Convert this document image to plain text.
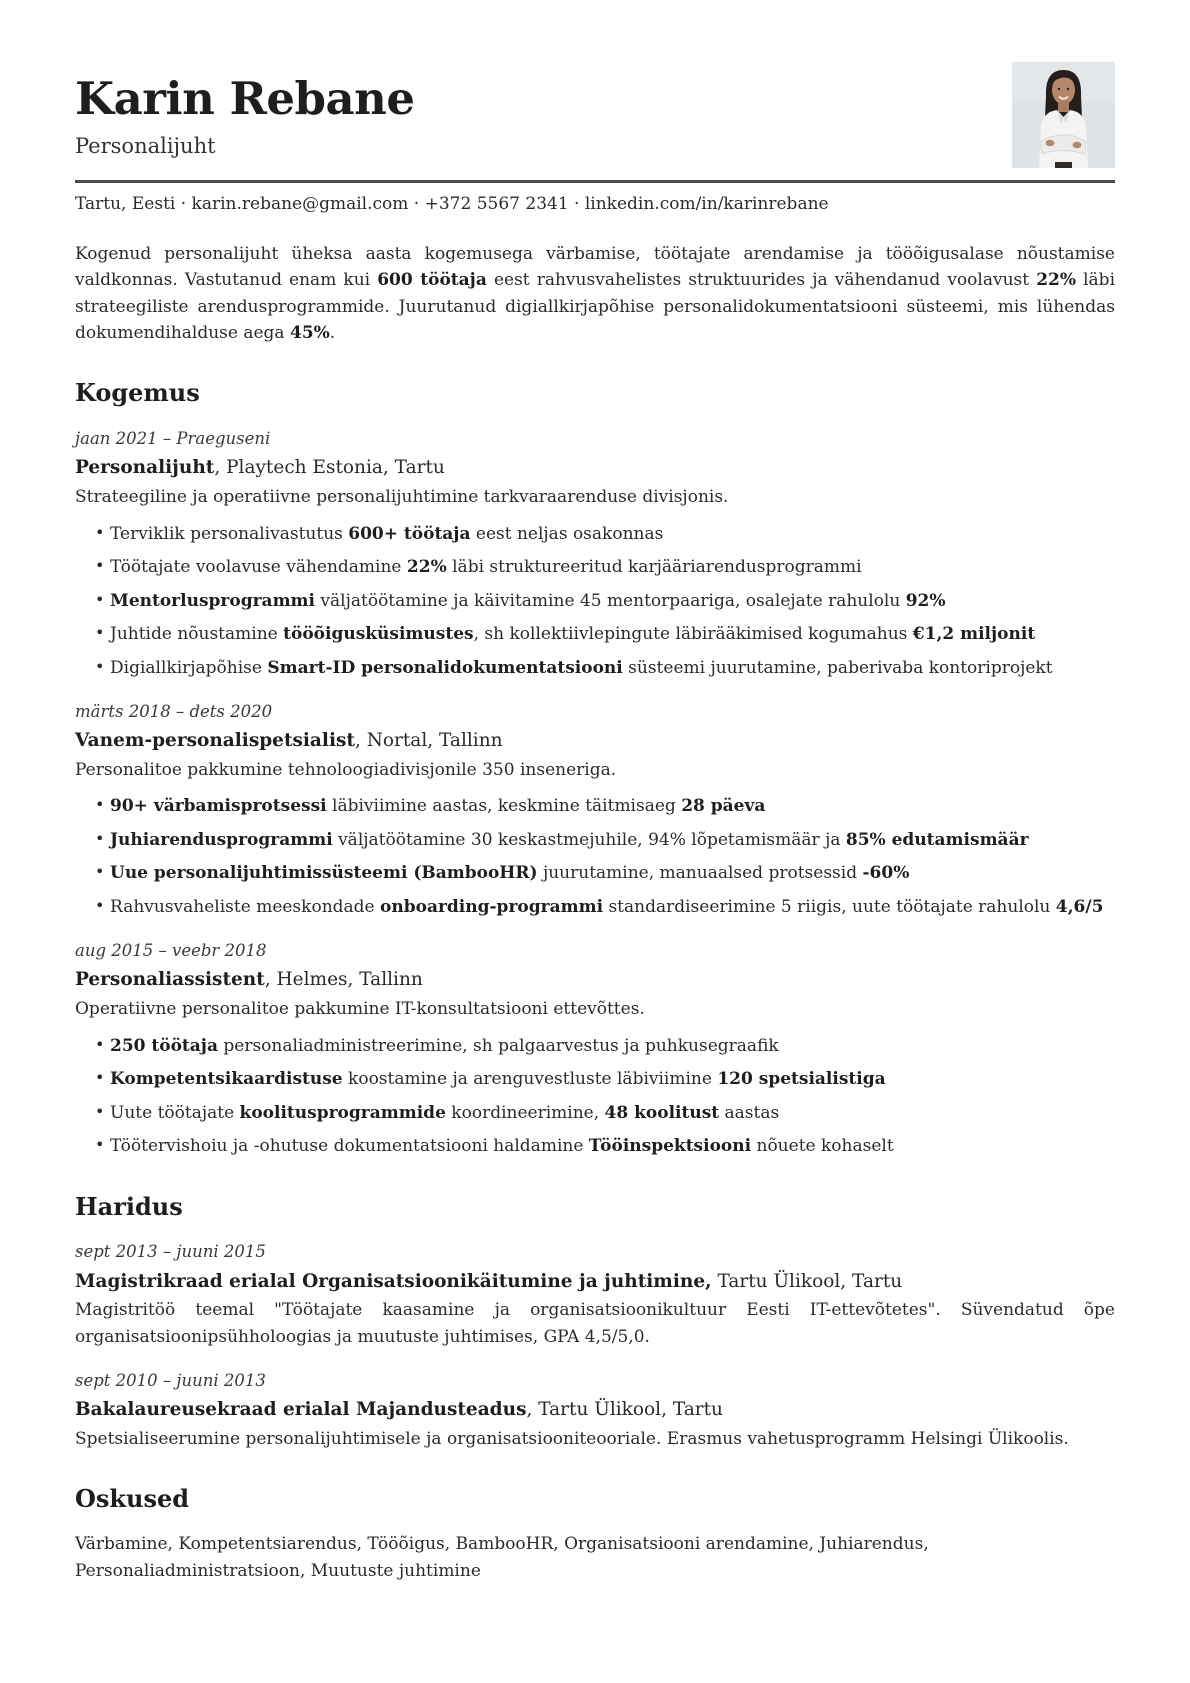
Karin Rebane
Personalijuht
Tartu, Eesti · karin.rebane@gmail.com · +372 5567 2341 · linkedin.com/in/karinrebane

Kogenud personalijuht üheksa aasta kogemusega värbamise, töötajate arendamise ja tööõigusalase nõustamise valdkonnas. Vastutanud enam kui 600 töötaja eest rahvusvahelistes struktuurides ja vähendanud voolavust 22% läbi strateegiliste arendusprogrammide. Juurutanud digiallkirjapõhise personalidokumentatsiooni süsteemi, mis lühendas dokumendihalduse aega 45%.

Kogemus
jaan 2021 – Praeguseni
Personalijuht, Playtech Estonia, Tartu

Strateegiline ja operatiivne personalijuhtimine tarkvaraarenduse divisjonis.

• Terviklik personalivastutus 600+ töötaja eest neljas osakonnas
• Töötajate voolavuse vähendamine 22% läbi struktureeritud karjääriarendusprogrammi
• Mentorlusprogrammi väljatöötamine ja käivitamine 45 mentorpaariga, osalejate rahulolu 92%
• Juhtide nõustamine tööõigusküsimustes, sh kollektiivlepingute läbirääkimised kogumahus €1,2 miljonit
• Digiallkirjapõhise Smart-ID personalidokumentatsiooni süsteemi juurutamine, paberivaba kontoriprojekt
märts 2018 – dets 2020
Vanem-personalispetsialist, Nortal, Tallinn

Personalitoe pakkumine tehnoloogiadivisjonile 350 inseneriga.

• 90+ värbamisprotsessi läbiviimine aastas, keskmine täitmisaeg 28 päeva
• Juhiarendusprogrammi väljatöötamine 30 keskastmejuhile, 94% lõpetamismäär ja 85% edutamismäär
• Uue personalijuhtimissüsteemi (BambooHR) juurutamine, manuaalsed protsessid -60%
• Rahvusvaheliste meeskondade onboarding-programmi standardiseerimine 5 riigis, uute töötajate rahulolu 4,6/5
aug 2015 – veebr 2018
Personaliassistent, Helmes, Tallinn

Operatiivne personalitoe pakkumine IT-konsultatsiooni ettevõttes.

• 250 töötaja personaliadministreerimine, sh palgaarvestus ja puhkusegraafik
• Kompetentsikaardistuse koostamine ja arenguvestluste läbiviimine 120 spetsialistiga
• Uute töötajate koolitusprogrammide koordineerimine, 48 koolitust aastas
• Töötervishoiu ja -ohutuse dokumentatsiooni haldamine Tööinspektsiooni nõuete kohaselt
Haridus
sept 2013 – juuni 2015
Magistrikraad erialal Organisatsioonikäitumine ja juhtimine, Tartu Ülikool, Tartu

Magistritöö teemal "Töötajate kaasamine ja organisatsioonikultuur Eesti IT-ettevõtetes". Süvendatud õpe organisatsioonipsühholoogias ja muutuste juhtimises, GPA 4,5/5,0.

sept 2010 – juuni 2013
Bakalaureusekraad erialal Majandusteadus, Tartu Ülikool, Tartu

Spetsialiseerumine personalijuhtimisele ja organisatsiooniteooriale. Erasmus vahetusprogramm Helsingi Ülikoolis.

Oskused

Värbamine, Kompetentsiarendus, Tööõigus, BambooHR, Organisatsiooni arendamine, Juhiarendus, Personaliadministratsioon, Muutuste juhtimine
